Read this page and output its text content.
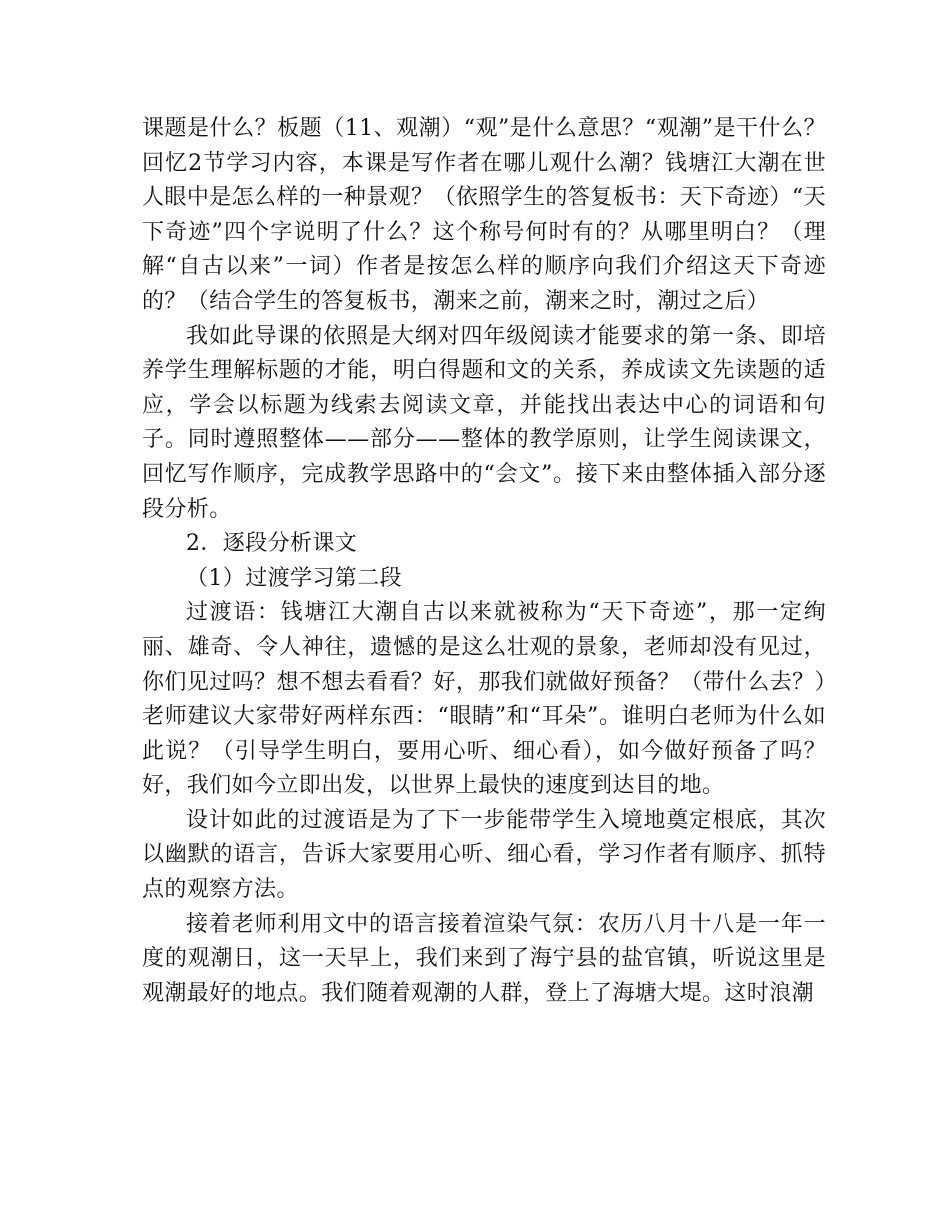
课题是什么？板题（11、观潮）“观”是什么意思？“观潮”是干什么？回忆2节学习内容，本课是写作者在哪儿观什么潮？钱塘江大潮在世人眼中是怎么样的一种景观？（依照学生的答复板书：天下奇迹）“天下奇迹”四个字说明了什么？这个称号何时有的？从哪里明白？（理解“自古以来”一词）作者是按怎么样的顺序向我们介绍这天下奇迹的？（结合学生的答复板书，潮来之前，潮来之时，潮过之后）

我如此导课的依照是大纲对四年级阅读才能要求的第一条、即培养学生理解标题的才能，明白得题和文的关系，养成读文先读题的适应，学会以标题为线索去阅读文章，并能找出表达中心的词语和句子。同时遵照整体——部分——整体的教学原则，让学生阅读课文，回忆写作顺序，完成教学思路中的“会文”。接下来由整体插入部分逐段分析。

2．逐段分析课文

（1）过渡学习第二段

过渡语：钱塘江大潮自古以来就被称为“天下奇迹”，那一定绚丽、雄奇、令人神往，遗憾的是这么壮观的景象，老师却没有见过，你们见过吗？想不想去看看？好，那我们就做好预备？（带什么去？）老师建议大家带好两样东西：“眼睛”和“耳朵”。谁明白老师为什么如此说？（引导学生明白，要用心听、细心看），如今做好预备了吗？好，我们如今立即出发，以世界上最快的速度到达目的地。

设计如此的过渡语是为了下一步能带学生入境地奠定根底，其次以幽默的语言，告诉大家要用心听、细心看，学习作者有顺序、抓特点的观察方法。

接着老师利用文中的语言接着渲染气氛：农历八月十八是一年一度的观潮日，这一天早上，我们来到了海宁县的盐官镇，听说这里是观潮最好的地点。我们随着观潮的人群，登上了海塘大堤。这时浪潮
